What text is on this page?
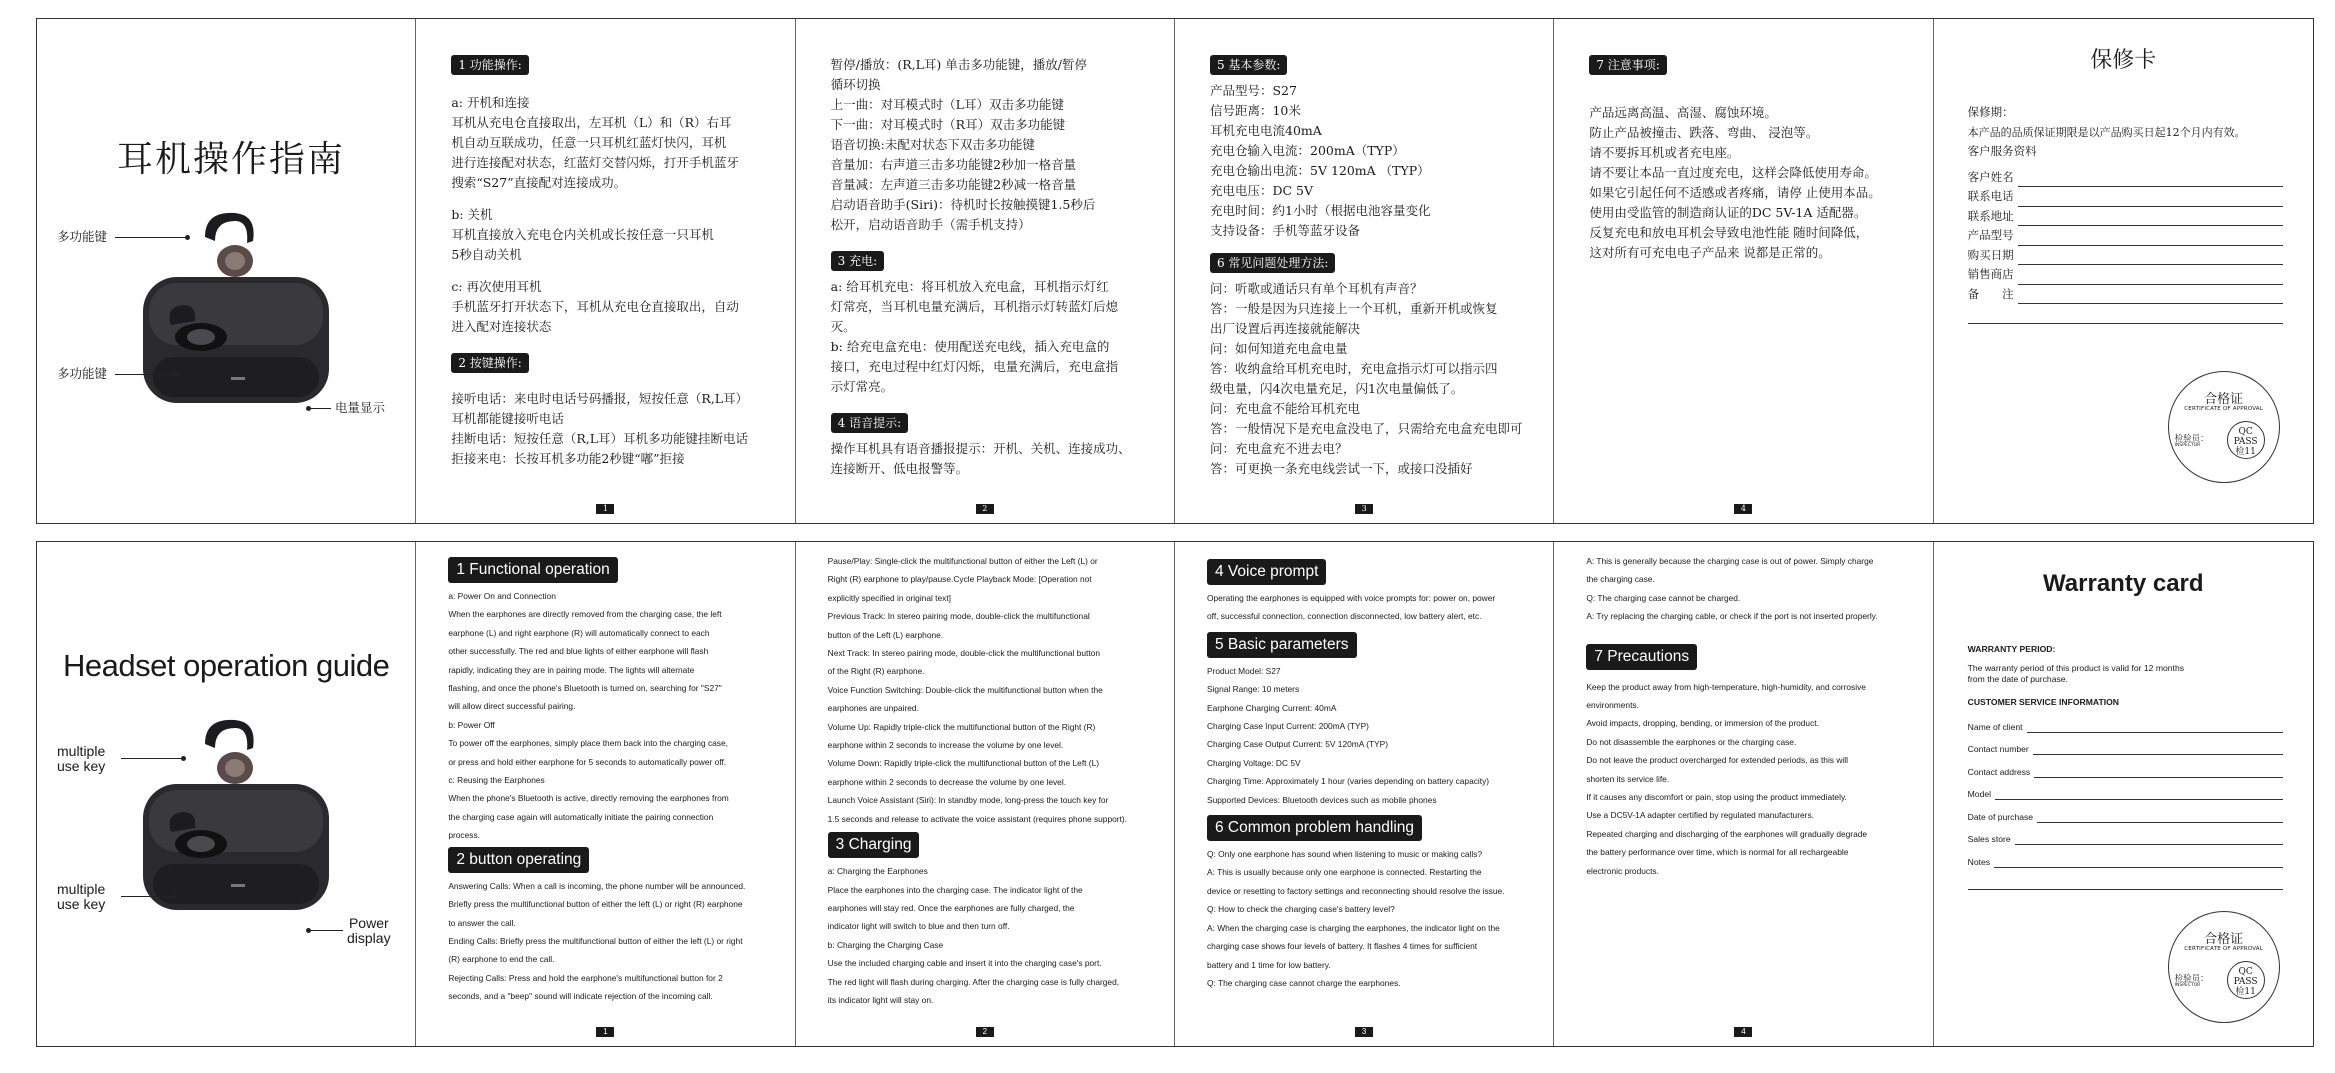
耳机操作指南
多功能键
多功能键
电量显示
1 功能操作:

a: 开机和连接
耳机从充电仓直接取出，左耳机（L）和（R）右耳
机自动互联成功，任意一只耳机红蓝灯快闪，耳机
进行连接配对状态，红蓝灯交替闪烁，打开手机蓝牙
搜索“S27”直接配对连接成功。

b: 关机
耳机直接放入充电仓内关机或长按任意一只耳机
5秒自动关机

c: 再次使用耳机
手机蓝牙打开状态下，耳机从充电仓直接取出，自动
进入配对连接状态

2 按键操作:

接听电话：来电时电话号码播报，短按任意（R,L耳）
耳机都能键接听电话
挂断电话：短按任意（R,L耳）耳机多功能键挂断电话
拒接来电：长按耳机多功能2秒键“嘟”拒接

1

暂停/播放：(R,L耳) 单击多功能键，播放/暂停
循环切换
上一曲：对耳模式时（L耳）双击多功能键
下一曲：对耳模式时（R耳）双击多功能键
语音切换:未配对状态下双击多功能键
音量加：右声道三击多功能键2秒加一格音量
音量减：左声道三击多功能键2秒减一格音量
启动语音助手(Siri)：待机时长按触摸键1.5秒后
松开，启动语音助手（需手机支持）

3 充电:

a: 给耳机充电：将耳机放入充电盒，耳机指示灯红
灯常亮，当耳机电量充满后，耳机指示灯转蓝灯后熄
灭。
b: 给充电盒充电：使用配送充电线，插入充电盒的
接口，充电过程中红灯闪烁，电量充满后，充电盒指
示灯常亮。

4 语音提示:

操作耳机具有语音播报提示：开机、关机、连接成功、
连接断开、低电报警等。

2
5 基本参数:

产品型号：S27
信号距离：10米
耳机充电电流40mA
充电仓输入电流：200mA（TYP）
充电仓输出电流：5V 120mA （TYP）
充电电压：DC 5V
充电时间：约1小时（根据电池容量变化
支持设备：手机等蓝牙设备

6 常见问题处理方法:

问：听歌或通话只有单个耳机有声音？
答：一般是因为只连接上一个耳机，重新开机或恢复
出厂设置后再连接就能解决
问：如何知道充电盒电量
答：收纳盒给耳机充电时，充电盒指示灯可以指示四
级电量，闪4次电量充足，闪1次电量偏低了。
问：充电盒不能给耳机充电
答：一般情况下是充电盒没电了，只需给充电盒充电即可
问：充电盒充不进去电？
答：可更换一条充电线尝试一下，或接口没插好

3
7 注意事项:

产品远离高温、高湿、腐蚀环境。
防止产品被撞击、跌落、弯曲、 浸泡等。
请不要拆耳机或者充电座。
请不要让本品一直过度充电，这样会降低使用寿命。
如果它引起任何不适感或者疼痛，请停 止使用本品。
使用由受监管的制造商认证的DC 5V-1A 适配器。
反复充电和放电耳机会导致电池性能 随时间降低，
这对所有可充电电子产品来 说都是正常的。

4
保修卡
保修期：
本产品的品质保证期限是以产品购买日起12个月内有效。
客户服务资料
客户姓名
联系电话
联系地址
产品型号
购买日期
销售商店
备　　注
合格证
CERTIFICATE OF APPROVAL
检验员：
INSPECTOR
QC
PASS
检11
Headset operation guide
multiple
use key
multiple
use key
Power
display
1 Functional operation

a: Power On and Connection
When the earphones are directly removed from the charging case, the left
earphone (L) and right earphone (R) will automatically connect to each
other successfully. The red and blue lights of either earphone will flash
rapidly, indicating they are in pairing mode. The lights will alternate
flashing, and once the phone's Bluetooth is turned on, searching for "S27"
will allow direct successful pairing.
b: Power Off
To power off the earphones, simply place them back into the charging case,
or press and hold either earphone for 5 seconds to automatically power off.
c: Reusing the Earphones
When the phone's Bluetooth is active, directly removing the earphones from
the charging case again will automatically initiate the pairing connection
process.

2 button operating

Answering Calls: When a call is incoming, the phone number will be announced.
Briefly press the multifunctional button of either the left (L) or right (R) earphone
to answer the call.
Ending Calls: Briefly press the multifunctional button of either the left (L) or right
(R) earphone to end the call.
Rejecting Calls: Press and hold the earphone's multifunctional button for 2
seconds, and a "beep" sound will indicate rejection of the incoming call.

1

Pause/Play: Single-click the multifunctional button of either the Left (L) or
Right (R) earphone to play/pause.Cycle Playback Mode: [Operation not
explicitly specified in original text]
Previous Track: In stereo pairing mode, double-click the multifunctional
button of the Left (L) earphone.
Next Track: In stereo pairing mode, double-click the multifunctional button
of the Right (R) earphone.
Voice Function Switching: Double-click the multifunctional button when the
earphones are unpaired.
Volume Up: Rapidly triple-click the multifunctional button of the Right (R)
earphone within 2 seconds to increase the volume by one level.
Volume Down: Rapidly triple-click the multifunctional button of the Left (L)
earphone within 2 seconds to decrease the volume by one level.
Launch Voice Assistant (Siri): In standby mode, long-press the touch key for
1.5 seconds and release to activate the voice assistant (requires phone support).

3 Charging

a: Charging the Earphones
Place the earphones into the charging case. The indicator light of the
earphones will stay red. Once the earphones are fully charged, the
indicator light will switch to blue and then turn off.
b: Charging the Charging Case
Use the included charging cable and insert it into the charging case's port.
The red light will flash during charging. After the charging case is fully charged,
its indicator light will stay on.

2
4 Voice prompt

Operating the earphones is equipped with voice prompts for: power on, power
off, successful connection, connection disconnected, low battery alert, etc.

5 Basic parameters

Product Model: S27
Signal Range: 10 meters
Earphone Charging Current: 40mA
Charging Case Input Current: 200mA (TYP)
Charging Case Output Current: 5V 120mA (TYP)
Charging Voltage: DC 5V
Charging Time: Approximately 1 hour (varies depending on battery capacity)
Supported Devices: Bluetooth devices such as mobile phones

6 Common problem handling

Q: Only one earphone has sound when listening to music or making calls?
A: This is usually because only one earphone is connected. Restarting the
device or resetting to factory settings and reconnecting should resolve the issue.
Q: How to check the charging case's battery level?
A: When the charging case is charging the earphones, the indicator light on the
charging case shows four levels of battery. It flashes 4 times for sufficient
battery and 1 time for low battery.
Q: The charging case cannot charge the earphones.

3

A: This is generally because the charging case is out of power. Simply charge
the charging case.
Q: The charging case cannot be charged.
A: Try replacing the charging cable, or check if the port is not inserted properly.

7 Precautions

Keep the product away from high-temperature, high-humidity, and corrosive
environments.
Avoid impacts, dropping, bending, or immersion of the product.
Do not disassemble the earphones or the charging case.
Do not leave the product overcharged for extended periods, as this will
shorten its service life.
If it causes any discomfort or pain, stop using the product immediately.
Use a DC5V-1A adapter certified by regulated manufacturers.
Repeated charging and discharging of the earphones will gradually degrade
the battery performance over time, which is normal for all rechargeable
electronic products.

4
Warranty card
WARRANTY PERIOD:
The warranty period of this product is valid for 12 months
from the date of purchase.
CUSTOMER SERVICE INFORMATION
Name of client
Contact number
Contact address
Model
Date of purchase
Sales store
Notes
合格证
CERTIFICATE OF APPROVAL
检验员：
INSPECTOR
QC
PASS
检11
